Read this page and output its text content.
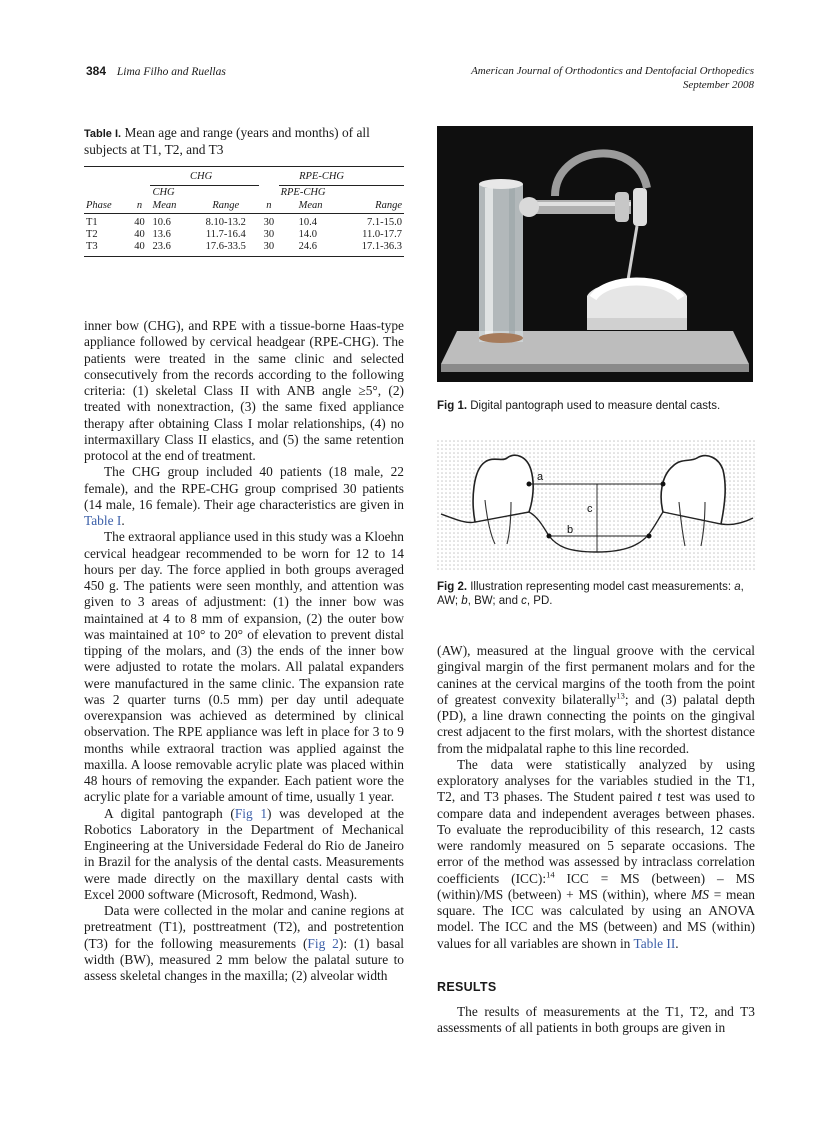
384 Lima Filho and Ruellas	American Journal of Orthodontics and Dentofacial Orthopedics
September 2008
Table I. Mean age and range (years and months) of all subjects at T1, T2, and T3
CHG				RPE-CHG		
		CHG			RPE-CHG	
Phase	n	Mean	Range	n	Mean	Range
T1	40	10.6	8.10-13.2	30	10.4	7.1-15.0
T2	40	13.6	11.7-16.4	30	14.0	11.0-17.7
T3	40	23.6	17.6-33.5	30	24.6	17.1-36.3

inner bow (CHG), and RPE with a tissue-borne Haas-type appliance followed by cervical headgear (RPE-CHG). The patients were treated in the same clinic and selected consecutively from the records according to the following criteria: (1) skeletal Class II with ANB angle ≥5°, (2) treated with nonextraction, (3) the same fixed appliance therapy after obtaining Class I molar relationships, (4) no intermaxillary Class II elastics, and (5) the same retention protocol at the end of treatment.

The CHG group included 40 patients (18 male, 22 female), and the RPE-CHG group comprised 30 patients (14 male, 16 female). Their age characteristics are given in Table I.

The extraoral appliance used in this study was a Kloehn cervical headgear recommended to be worn for 12 to 14 hours per day. The force applied in both groups averaged 450 g. The patients were seen monthly, and attention was given to 3 areas of adjustment: (1) the inner bow was maintained at 4 to 8 mm of expansion, (2) the outer bow was maintained at 10° to 20° of elevation to prevent distal tipping of the molars, and (3) the ends of the inner bow were adjusted to rotate the molars. All palatal expanders were manufactured in the same clinic. The expansion rate was 2 quarter turns (0.5 mm) per day until adequate overexpansion was achieved as determined by clinical observation. The RPE appliance was left in place for 3 to 9 months while extraoral traction was applied against the maxilla. A loose removable acrylic plate was placed within 48 hours of removing the expander. Each patient wore the acrylic plate for a variable amount of time, usually 1 year.

A digital pantograph (Fig 1) was developed at the Robotics Laboratory in the Department of Mechanical Engineering at the Universidade Federal do Rio de Janeiro in Brazil for the analysis of the dental casts. Measurements were made directly on the maxillary dental casts with Excel 2000 software (Microsoft, Redmond, Wash).

Data were collected in the molar and canine regions at pretreatment (T1), posttreatment (T2), and postretention (T3) for the following measurements (Fig 2): (1) basal width (BW), measured 2 mm below the palatal suture to assess skeletal changes in the maxilla; (2) alveolar width

Fig 1. Digital pantograph used to measure dental casts.
a
b
c
Fig 2. Illustration representing model cast measurements: a, AW; b, BW; and c, PD.

(AW), measured at the lingual groove with the cervical gingival margin of the first permanent molars and for the canines at the cervical margins of the tooth from the point of greatest convexity bilaterally$^{13}$; and (3) palatal depth (PD), a line drawn connecting the points on the gingival crest adjacent to the first molars, with the shortest distance from the midpalatal raphe to this line recorded.

The data were statistically analyzed by using exploratory analyses for the variables studied in the T1, T2, and T3 phases. The Student paired t test was used to compare data and independent averages between phases. To evaluate the reproducibility of this research, 12 casts were randomly measured on 5 separate occasions. The error of the method was assessed by intraclass correlation coefficients (ICC):$^{14}$ ICC = MS (between) – MS (within)/MS (between) + MS (within), where MS = mean square. The ICC was calculated by using an ANOVA model. The ICC and the MS (between) and MS (within) values for all variables are shown in Table II.

RESULTS

The results of measurements at the T1, T2, and T3 assessments of all patients in both groups are given in
